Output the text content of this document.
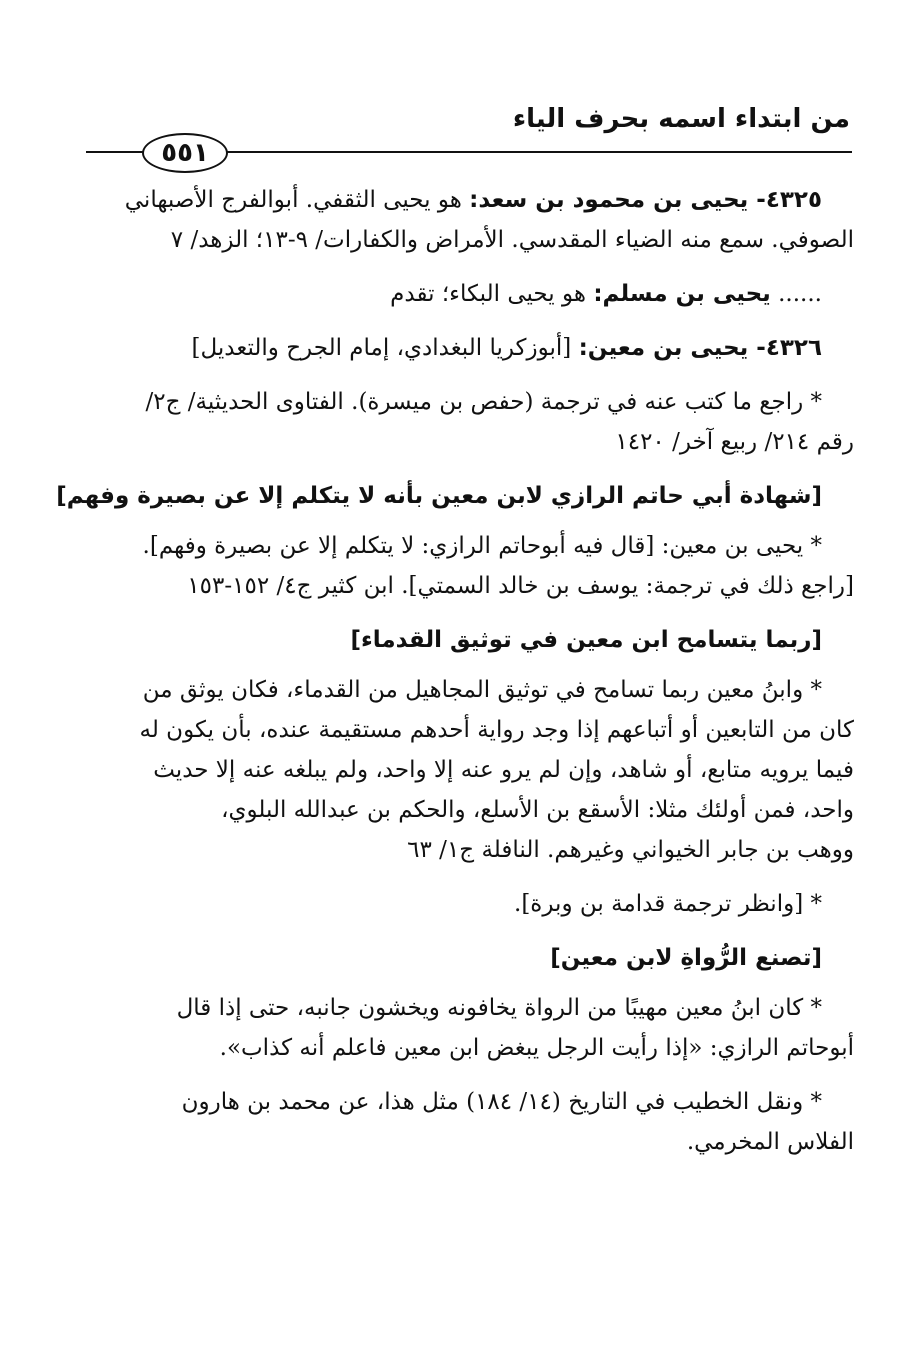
من ابتداء اسمه بحرف الياء
٥٥١
٤٣٢٥- يحيى بن محمود بن سعد: هو يحيى الثقفي. أبوالفرج الأصبهاني
الصوفي. سمع منه الضياء المقدسي. الأمراض والكفارات/ ٩-١٣؛ الزهد/ ٧
...... يحيى بن مسلم: هو يحيى البكاء؛ تقدم
٤٣٢٦- يحيى بن معين: [أبوزكريا البغدادي، إمام الجرح والتعديل]
* راجع ما كتب عنه في ترجمة (حفص بن ميسرة). الفتاوى الحديثية/ ج٢/
رقم ٢١٤/ ربيع آخر/ ١٤٢٠
[شهادة أبي حاتم الرازي لابن معين بأنه لا يتكلم إلا عن بصيرة وفهم]
* يحيى بن معين: [قال فيه أبوحاتم الرازي: لا يتكلم إلا عن بصيرة وفهم].
[راجع ذلك في ترجمة: يوسف بن خالد السمتي]. ابن كثير ج٤/ ١٥٢-١٥٣
[ربما يتسامح ابن معين في توثيق القدماء]
* وابنُ معين ربما تسامح في توثيق المجاهيل من القدماء، فكان يوثق من
كان من التابعين أو أتباعهم إذا وجد رواية أحدهم مستقيمة عنده، بأن يكون له
فيما يرويه متابع، أو شاهد، وإن لم يرو عنه إلا واحد، ولم يبلغه عنه إلا حديث
واحد، فمن أولئك مثلا: الأسقع بن الأسلع، والحكم بن عبدالله البلوي،
ووهب بن جابر الخيواني وغيرهم. النافلة ج١/ ٦٣
* [وانظر ترجمة قدامة بن وبرة].
[تصنع الرُّواةِ لابن معين]
* كان ابنُ معين مهيبًا من الرواة يخافونه ويخشون جانبه، حتى إذا قال
أبوحاتم الرازي: «إذا رأيت الرجل يبغض ابن معين فاعلم أنه كذاب».
* ونقل الخطيب في التاريخ (١٤/ ١٨٤) مثل هذا، عن محمد بن هارون
الفلاس المخرمي.
